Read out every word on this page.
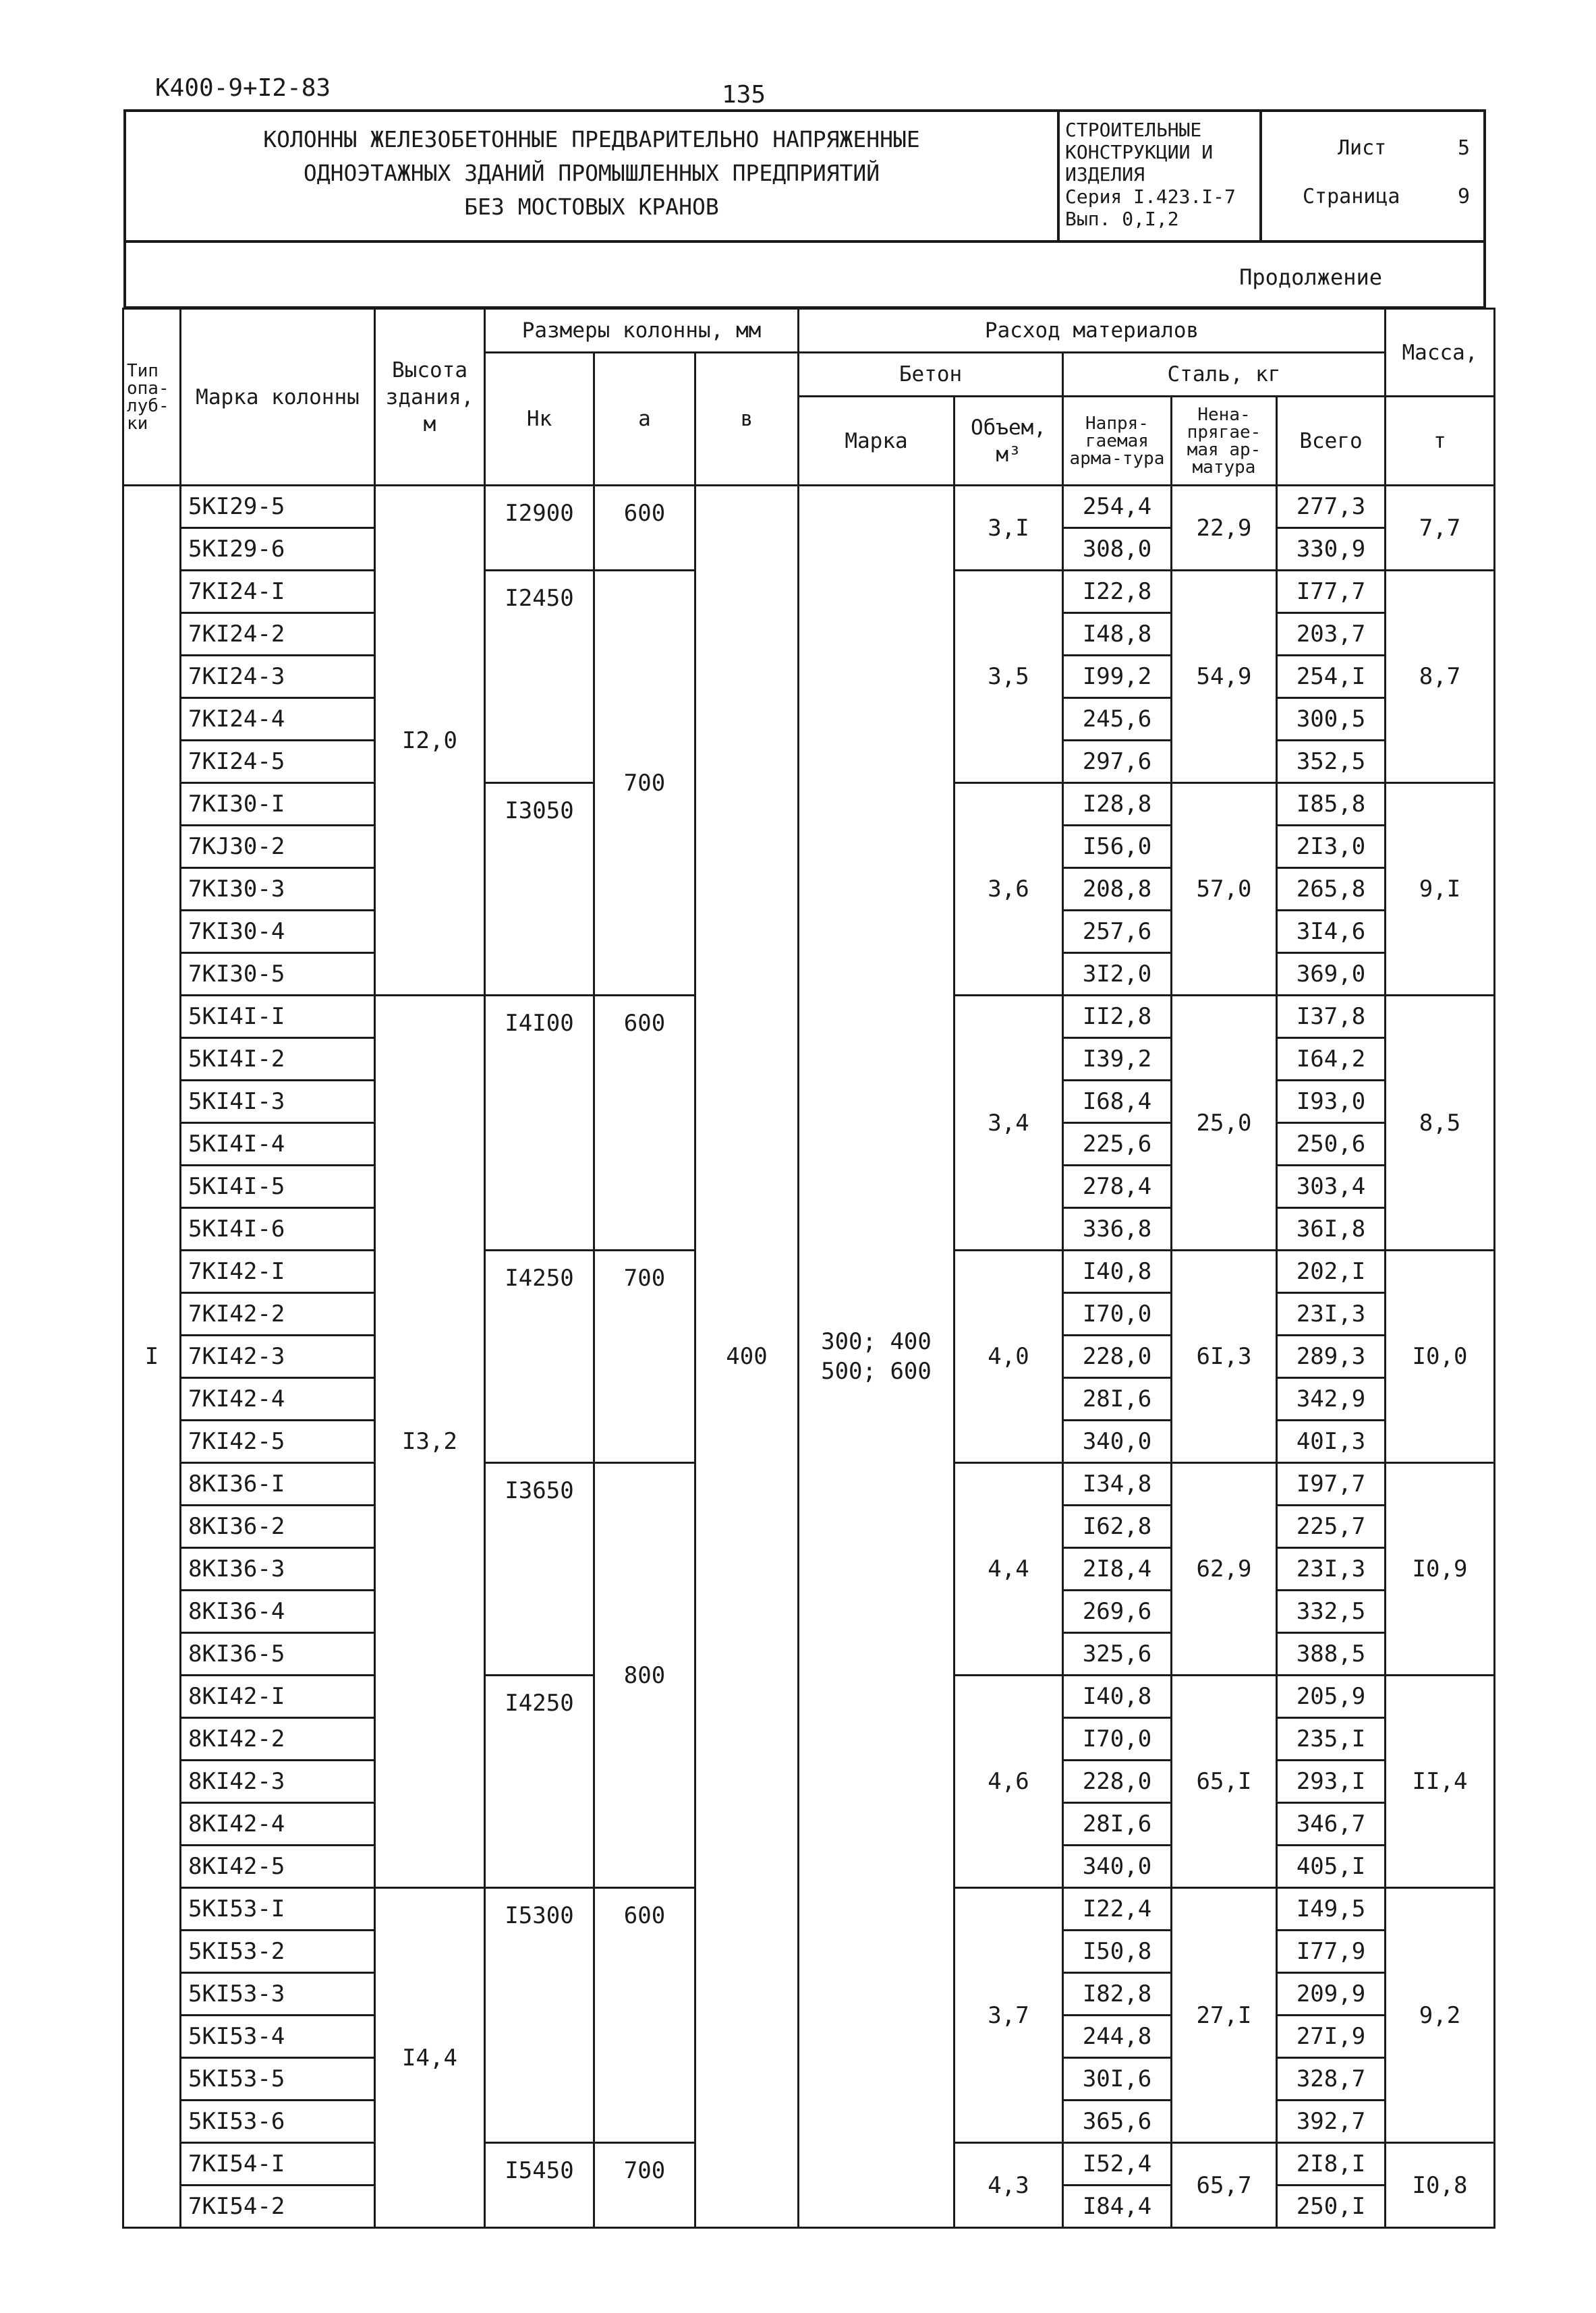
К400-9+I2-83	135
КОЛОННЫ ЖЕЛЕЗОБЕТОННЫЕ ПРЕДВАРИТЕЛЬНО НАПРЯЖЕННЫЕ
ОДНОЭТАЖНЫХ ЗДАНИЙ ПРОМЫШЛЕННЫХ ПРЕДПРИЯТИЙ
БЕЗ МОСТОВЫХ КРАНОВ
СТРОИТЕЛЬНЫЕ
КОНСТРУКЦИИ И
ИЗДЕЛИЯ
Серия I.423.I-7
Вып. 0,I,2
Лист	5
Страница	9
Продолжение
Тип опа-луб-ки	Марка колонны	Высота здания, м	Размеры колонны, мм			Расход материалов					Масса,
			Нк	а	в	Бетон		Сталь, кг			
						Марка	Объем, м³	Напря-гаемая арма-тура	Нена-прягае-мая ар-матура	Всего	т
I	5КI29-5	I2,0	I2900	600	400	300; 400 500; 600	3,I	254,4	22,9	277,3	7,7
	5КI29-6							308,0		330,9	
	7КI24-I		I2450	700			3,5	I22,8	54,9	I77,7	8,7
	7КI24-2							I48,8		203,7	
	7КI24-3							I99,2		254,I	
	7КI24-4							245,6		300,5	
	7КI24-5							297,6		352,5	
	7КI30-I		I3050				3,6	I28,8	57,0	I85,8	9,I
	7КJ30-2							I56,0		2I3,0	
	7КI30-3							208,8		265,8	
	7КI30-4							257,6		3I4,6	
	7КI30-5							3I2,0		369,0	
	5КI4I-I	I3,2	I4I00	600			3,4	II2,8	25,0	I37,8	8,5
	5КI4I-2							I39,2		I64,2	
	5КI4I-3							I68,4		I93,0	
	5КI4I-4							225,6		250,6	
	5КI4I-5							278,4		303,4	
	5КI4I-6							336,8		36I,8	
	7КI42-I		I4250	700			4,0	I40,8	6I,3	202,I	I0,0
	7КI42-2							I70,0		23I,3	
	7КI42-3							228,0		289,3	
	7КI42-4							28I,6		342,9	
	7КI42-5							340,0		40I,3	
	8КI36-I		I3650	800			4,4	I34,8	62,9	I97,7	I0,9
	8КI36-2							I62,8		225,7	
	8КI36-3							2I8,4		23I,3	
	8КI36-4							269,6		332,5	
	8КI36-5							325,6		388,5	
	8КI42-I		I4250				4,6	I40,8	65,I	205,9	II,4
	8КI42-2							I70,0		235,I	
	8КI42-3							228,0		293,I	
	8КI42-4							28I,6		346,7	
	8КI42-5							340,0		405,I	
	5КI53-I	I4,4	I5300	600			3,7	I22,4	27,I	I49,5	9,2
	5КI53-2							I50,8		I77,9	
	5КI53-3							I82,8		209,9	
	5КI53-4							244,8		27I,9	
	5КI53-5							30I,6		328,7	
	5КI53-6							365,6		392,7	
	7КI54-I		I5450	700			4,3	I52,4	65,7	2I8,I	I0,8
	7КI54-2							I84,4		250,I	
